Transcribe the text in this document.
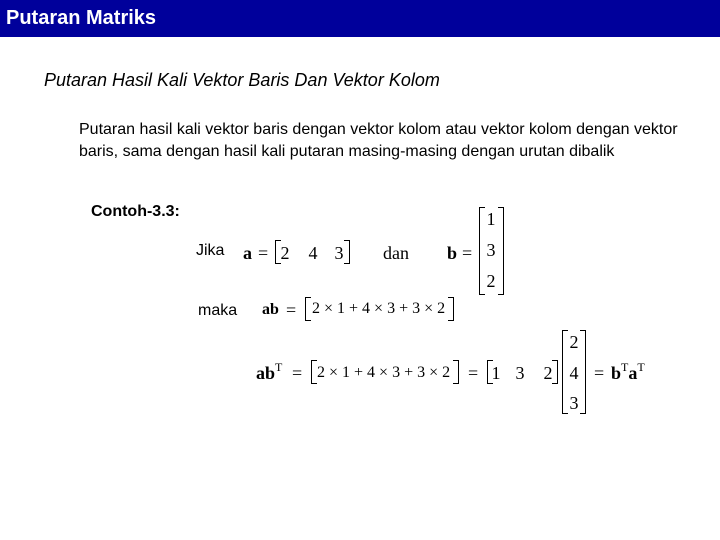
Putaran Matriks
Putaran Hasil Kali Vektor Baris Dan Vektor Kolom
Putaran hasil kali vektor baris dengan vektor kolom atau vektor kolom dengan vektor baris, sama dengan hasil kali putaran masing-masing dengan urutan dibalik
Contoh-3.3:
Jika a = 2 4 3 dan b =
1
3
2
maka ab = 2 × 1 + 4 × 3 + 3 × 2
$ab^T = 2 \times 1 + 4 \times 3 + 3 \times 2 = 1$ 3 2
2
4
3
= $b^Ta^T$
